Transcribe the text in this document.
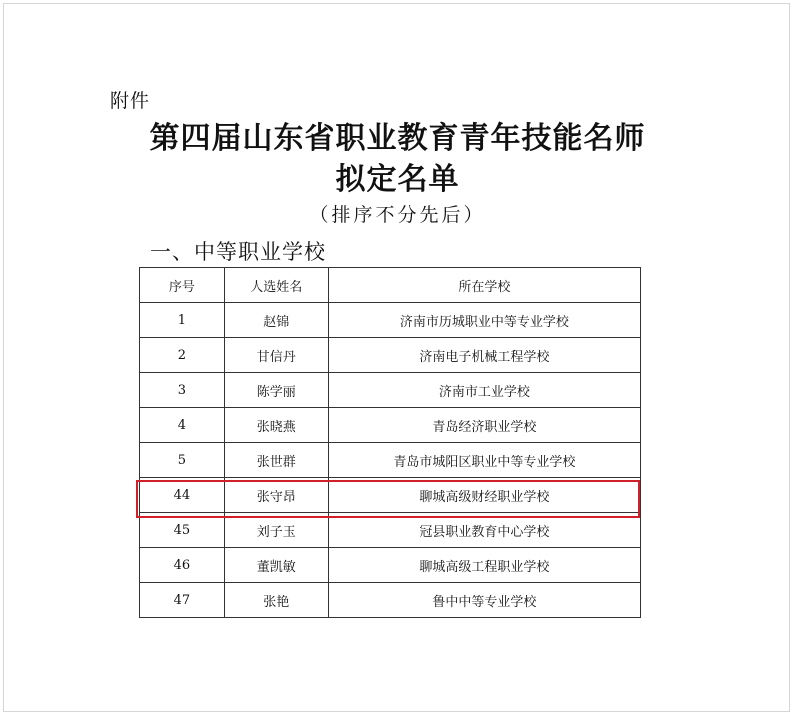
附件
第四届山东省职业教育青年技能名师
拟定名单
（排序不分先后）
一、中等职业学校
序号	人选姓名	所在学校
1	赵锦	济南市历城职业中等专业学校
2	甘信丹	济南电子机械工程学校
3	陈学丽	济南市工业学校
4	张晓燕	青岛经济职业学校
5	张世群	青岛市城阳区职业中等专业学校
44	张守昂	聊城高级财经职业学校
45	刘子玉	冠县职业教育中心学校
46	董凯敏	聊城高级工程职业学校
47	张艳	鲁中中等专业学校
